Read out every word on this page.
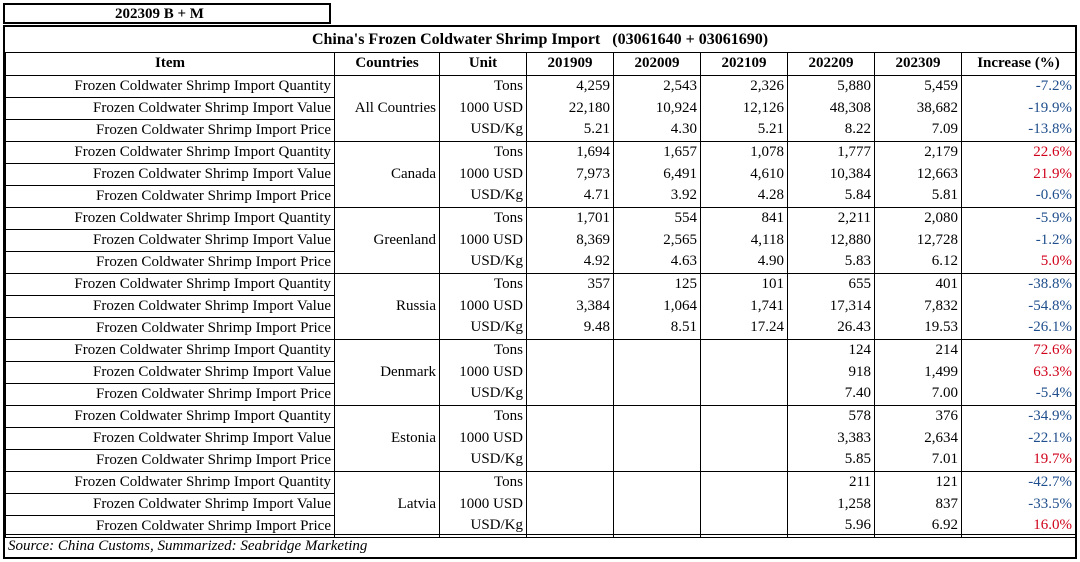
202309 B + M
China's Frozen Coldwater Shrimp Import   (03061640 + 03061690)
Item	Countries	Unit	201909	202009	202109	202209	202309	Increase (%)
Frozen Coldwater Shrimp Import Quantity	All Countries	Tons	4,259	2,543	2,326	5,880	5,459	-7.2%
Frozen Coldwater Shrimp Import Value		1000 USD	22,180	10,924	12,126	48,308	38,682	-19.9%
Frozen Coldwater Shrimp Import Price		USD/Kg	5.21	4.30	5.21	8.22	7.09	-13.8%
Frozen Coldwater Shrimp Import Quantity	Canada	Tons	1,694	1,657	1,078	1,777	2,179	22.6%
Frozen Coldwater Shrimp Import Value		1000 USD	7,973	6,491	4,610	10,384	12,663	21.9%
Frozen Coldwater Shrimp Import Price		USD/Kg	4.71	3.92	4.28	5.84	5.81	-0.6%
Frozen Coldwater Shrimp Import Quantity	Greenland	Tons	1,701	554	841	2,211	2,080	-5.9%
Frozen Coldwater Shrimp Import Value		1000 USD	8,369	2,565	4,118	12,880	12,728	-1.2%
Frozen Coldwater Shrimp Import Price		USD/Kg	4.92	4.63	4.90	5.83	6.12	5.0%
Frozen Coldwater Shrimp Import Quantity	Russia	Tons	357	125	101	655	401	-38.8%
Frozen Coldwater Shrimp Import Value		1000 USD	3,384	1,064	1,741	17,314	7,832	-54.8%
Frozen Coldwater Shrimp Import Price		USD/Kg	9.48	8.51	17.24	26.43	19.53	-26.1%
Frozen Coldwater Shrimp Import Quantity	Denmark	Tons				124	214	72.6%
Frozen Coldwater Shrimp Import Value		1000 USD				918	1,499	63.3%
Frozen Coldwater Shrimp Import Price		USD/Kg				7.40	7.00	-5.4%
Frozen Coldwater Shrimp Import Quantity	Estonia	Tons				578	376	-34.9%
Frozen Coldwater Shrimp Import Value		1000 USD				3,383	2,634	-22.1%
Frozen Coldwater Shrimp Import Price		USD/Kg				5.85	7.01	19.7%
Frozen Coldwater Shrimp Import Quantity	Latvia	Tons				211	121	-42.7%
Frozen Coldwater Shrimp Import Value		1000 USD				1,258	837	-33.5%
Frozen Coldwater Shrimp Import Price		USD/Kg				5.96	6.92	16.0%
Source: China Customs, Summarized: Seabridge Marketing
